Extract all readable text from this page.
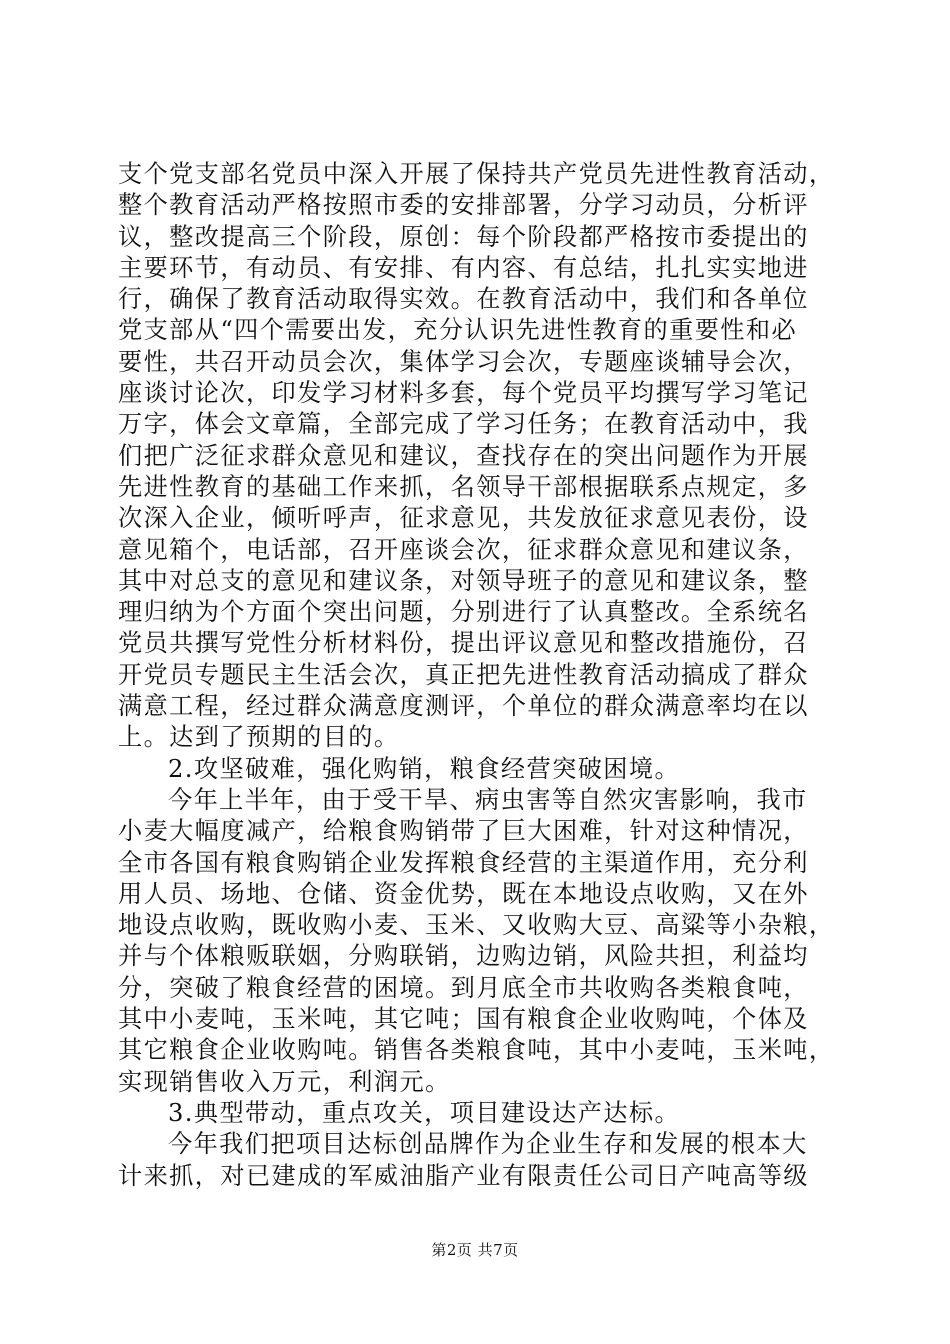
支个党支部名党员中深入开展了保持共产党员先进性教育活动，
整个教育活动严格按照市委的安排部署，分学习动员，分析评
议，整改提高三个阶段，原创：每个阶段都严格按市委提出的
主要环节，有动员、有安排、有内容、有总结，扎扎实实地进
行，确保了教育活动取得实效。在教育活动中，我们和各单位
党支部从“四个需要出发，充分认识先进性教育的重要性和必
要性，共召开动员会次，集体学习会次，专题座谈辅导会次，
座谈讨论次，印发学习材料多套，每个党员平均撰写学习笔记
万字，体会文章篇，全部完成了学习任务；在教育活动中，我
们把广泛征求群众意见和建议，查找存在的突出问题作为开展
先进性教育的基础工作来抓，名领导干部根据联系点规定，多
次深入企业，倾听呼声，征求意见，共发放征求意见表份，设
意见箱个，电话部，召开座谈会次，征求群众意见和建议条，
其中对总支的意见和建议条，对领导班子的意见和建议条，整
理归纳为个方面个突出问题，分别进行了认真整改。全系统名
党员共撰写党性分析材料份，提出评议意见和整改措施份，召
开党员专题民主生活会次，真正把先进性教育活动搞成了群众
满意工程，经过群众满意度测评，个单位的群众满意率均在以
上。达到了预期的目的。
2.攻坚破难，强化购销，粮食经营突破困境。
今年上半年，由于受干旱、病虫害等自然灾害影响，我市
小麦大幅度减产，给粮食购销带了巨大困难，针对这种情况，
全市各国有粮食购销企业发挥粮食经营的主渠道作用，充分利
用人员、场地、仓储、资金优势，既在本地设点收购，又在外
地设点收购，既收购小麦、玉米、又收购大豆、高粱等小杂粮，
并与个体粮贩联姻，分购联销，边购边销，风险共担，利益均
分，突破了粮食经营的困境。到月底全市共收购各类粮食吨，
其中小麦吨，玉米吨，其它吨；国有粮食企业收购吨，个体及
其它粮食企业收购吨。销售各类粮食吨，其中小麦吨，玉米吨，
实现销售收入万元，利润元。
3.典型带动，重点攻关，项目建设达产达标。
今年我们把项目达标创品牌作为企业生存和发展的根本大
计来抓，对已建成的军威油脂产业有限责任公司日产吨高等级
第2页 共7页
